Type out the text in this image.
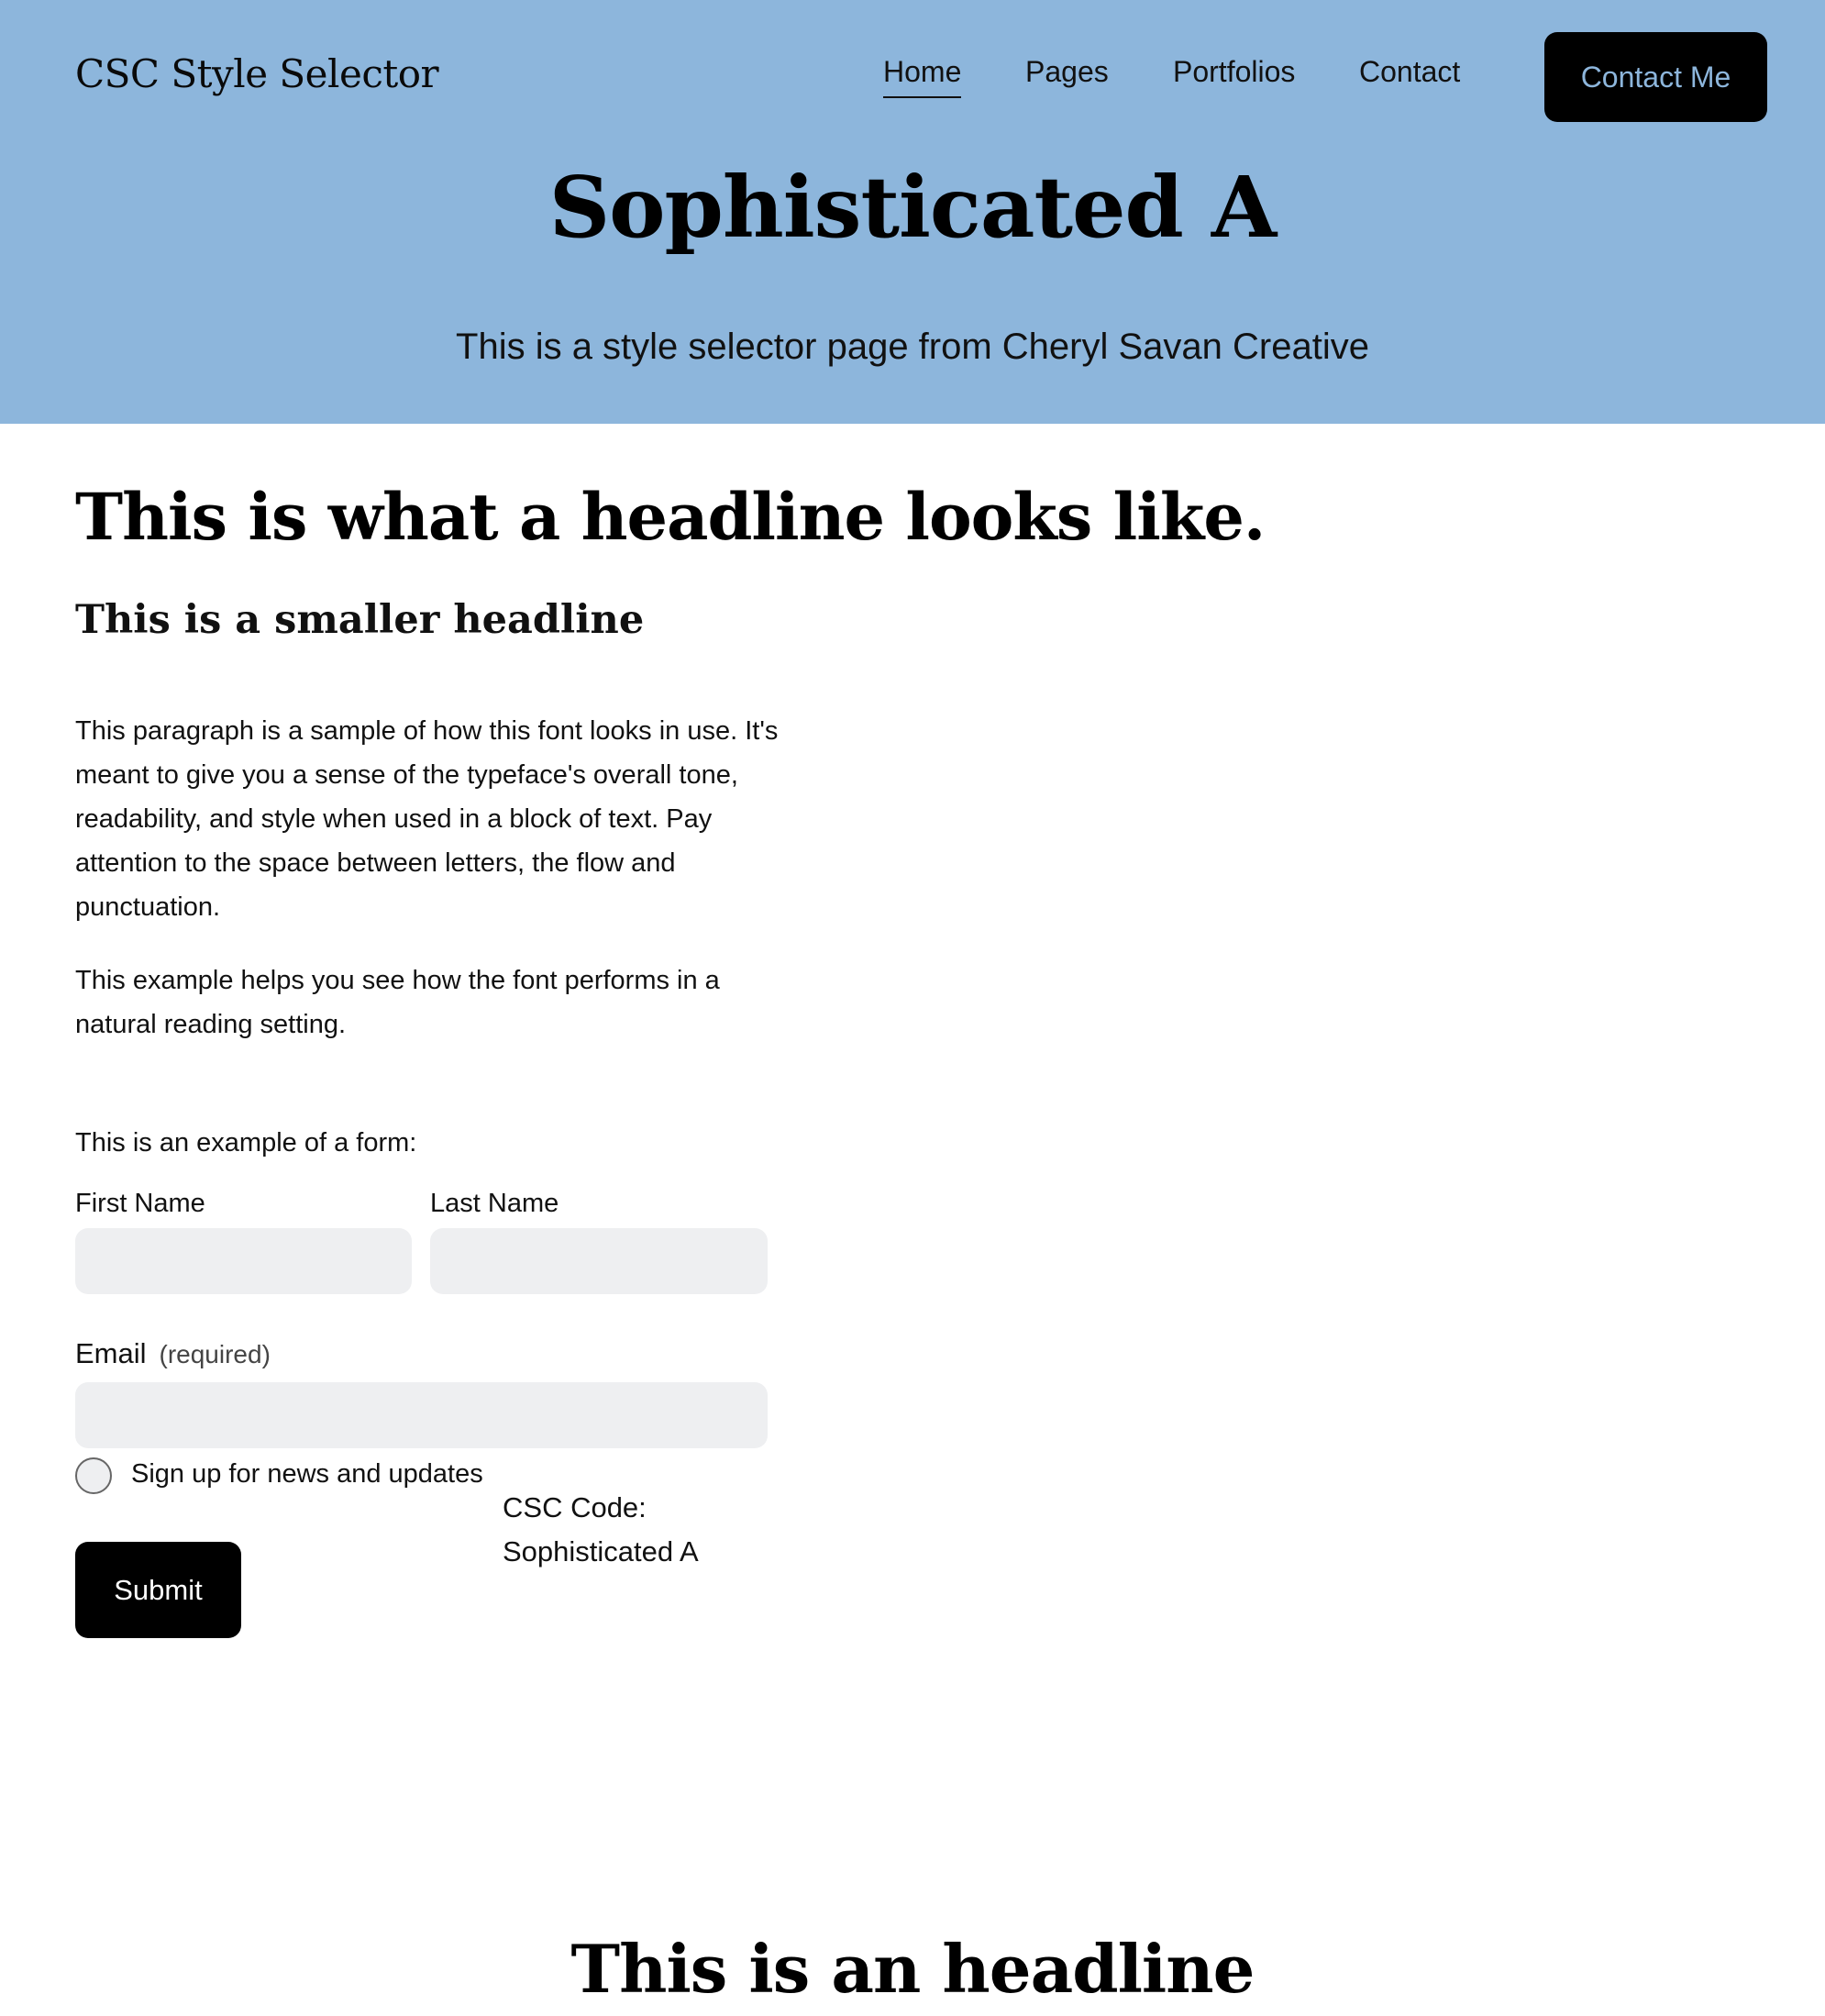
CSC Style Selector	Home Pages Portfolios Contact	Contact Me
Sophisticated A

This is a style selector page from Cheryl Savan Creative

This is what a headline looks like.
This is a smaller headline

This paragraph is a sample of how this font looks in use. It's meant to give you a sense of the typeface's overall tone, readability, and style when used in a block of text. Pay attention to the space between letters, the flow and punctuation.

This example helps you see how the font performs in a natural reading setting.

This is an example of a form:
First Name	Last Name
Email (required)
Sign up for news and updates
Submit
CSC Code:
Sophisticated A
This is an headline
